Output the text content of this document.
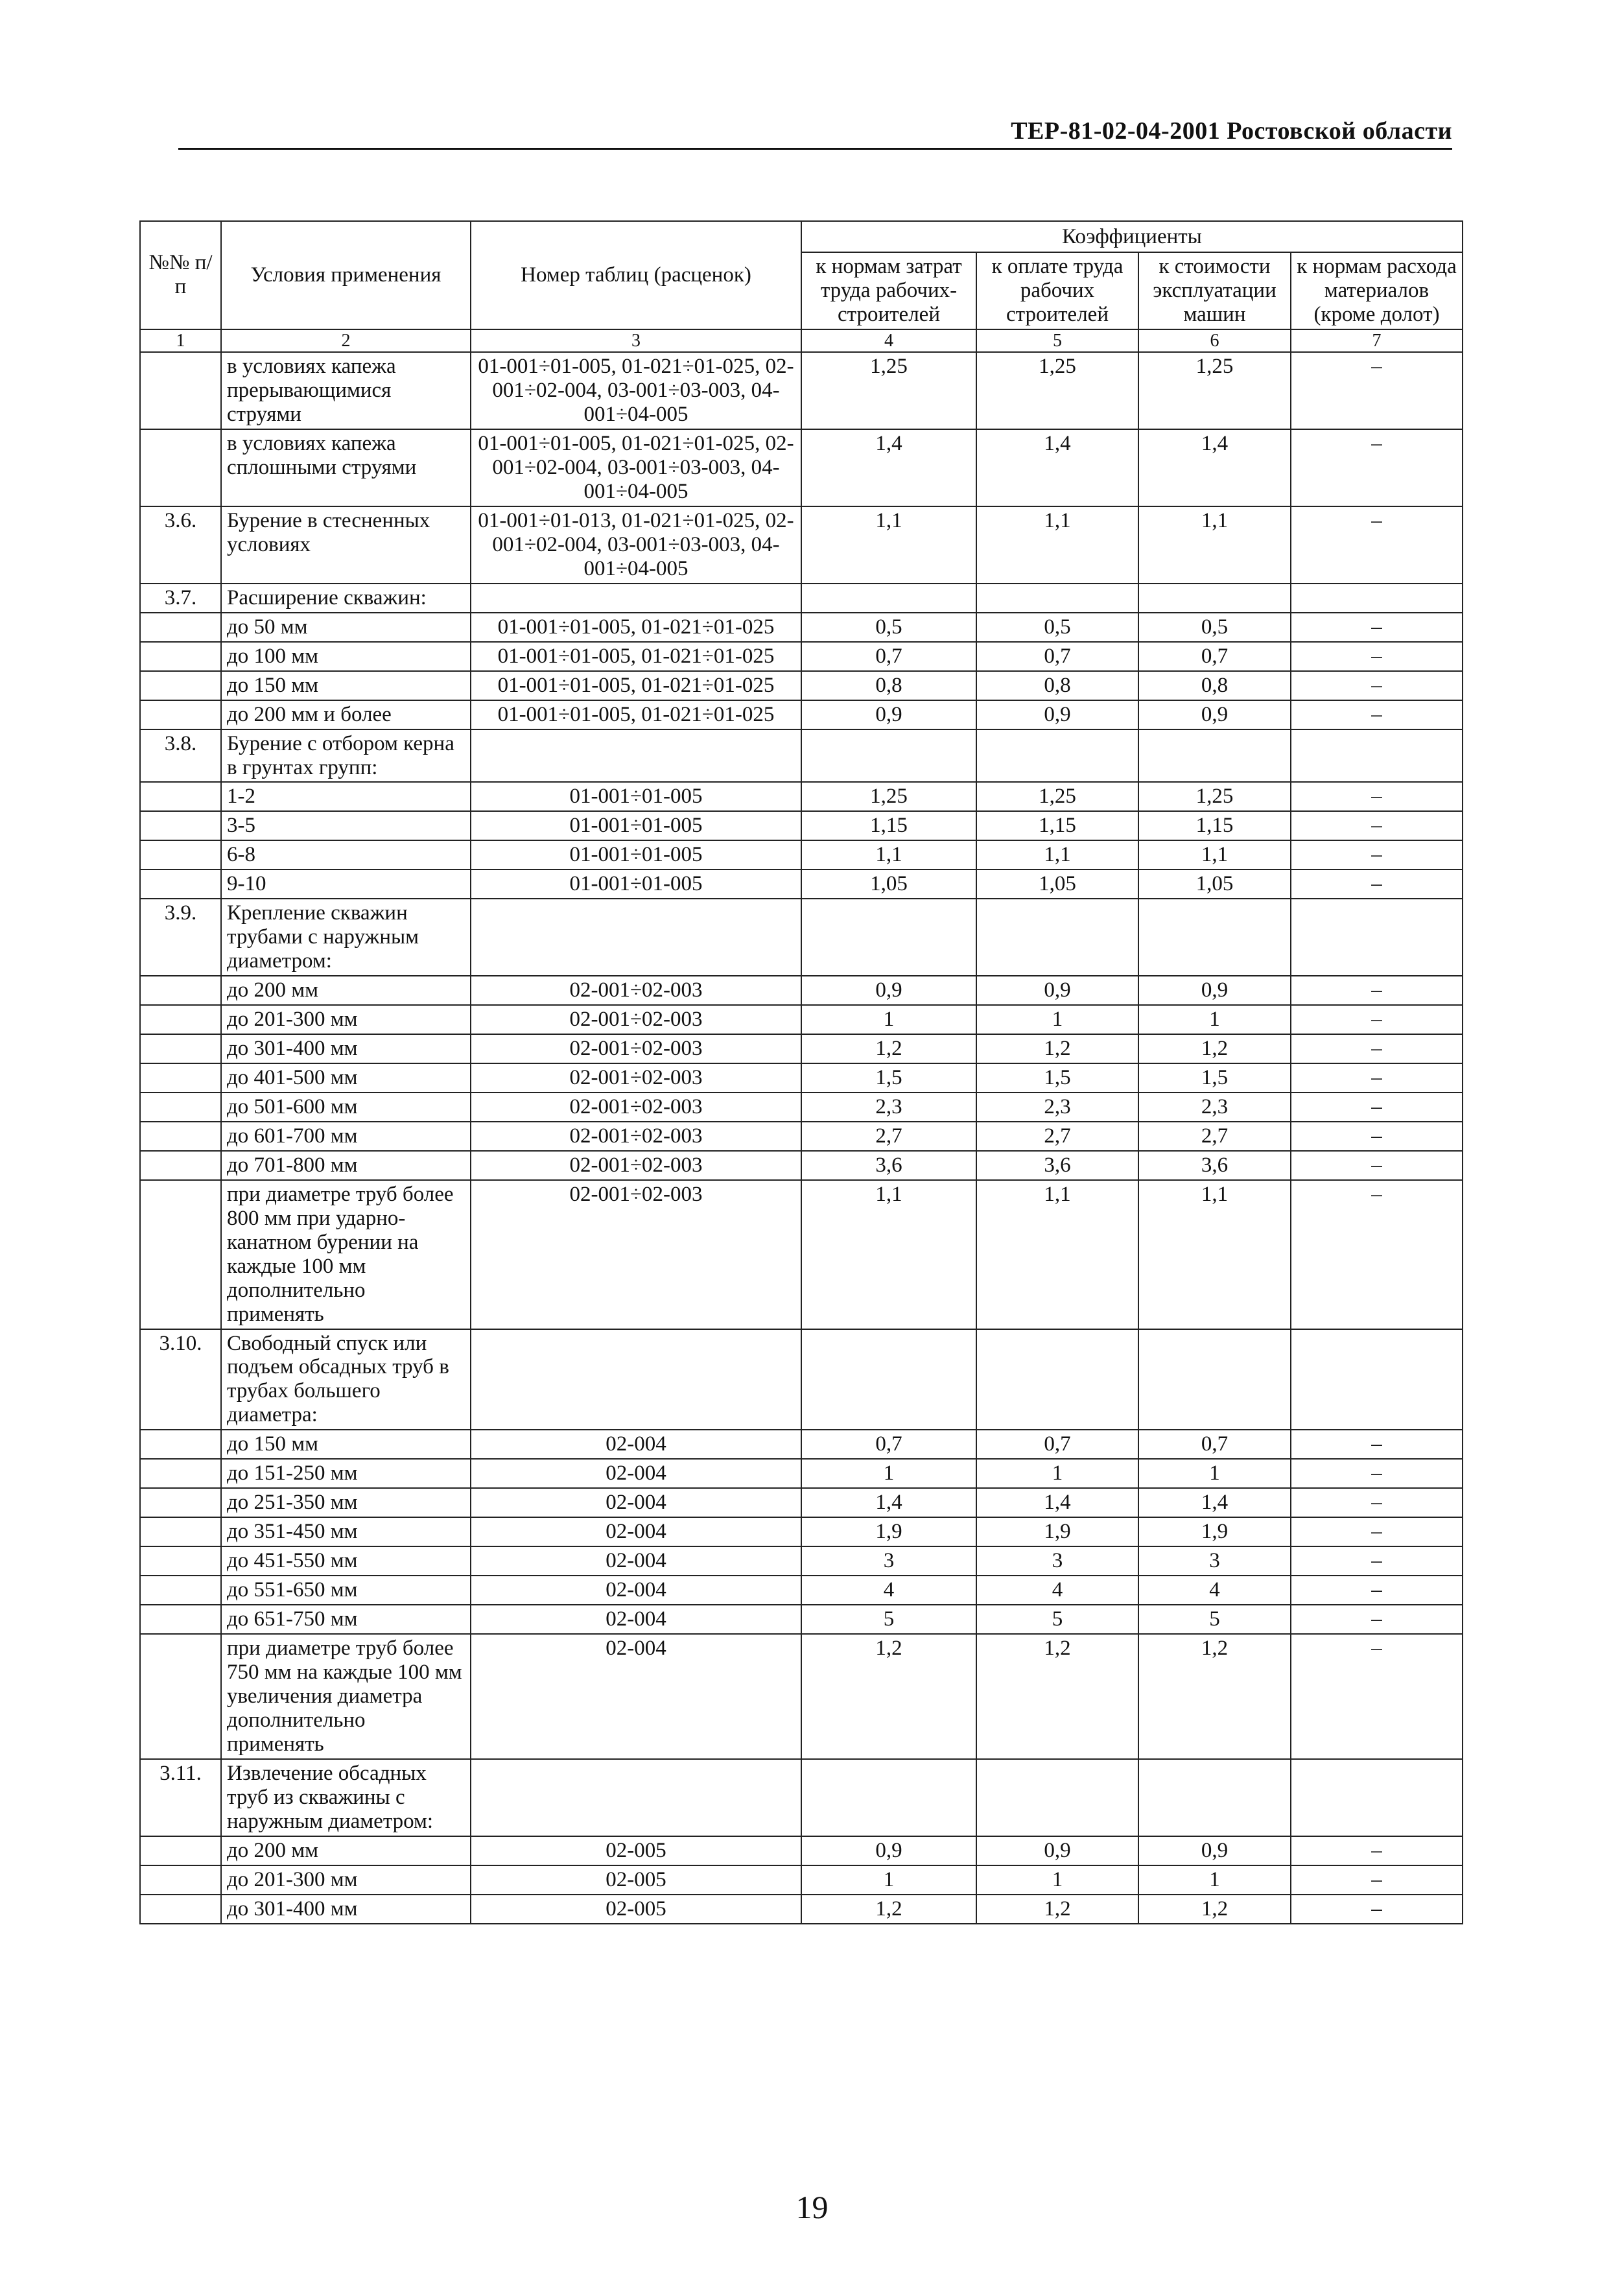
ТЕР-81-02-04-2001 Ростовской области
№№ п/п	Условия применения	Номер таблиц (расценок)	Коэффициенты			
			к нормам затрат труда рабочих-строителей	к оплате труда рабочих строителей	к стоимости эксплуатации машин	к нормам расхода материалов (кроме долот)
1	2	3	4	5	6	7
	в условиях капежа прерывающимися струями	01-001÷01-005, 01-021÷01-025, 02-001÷02-004, 03-001÷03-003, 04-001÷04-005	1,25	1,25	1,25	–
	в условиях капежа сплошными струями	01-001÷01-005, 01-021÷01-025, 02-001÷02-004, 03-001÷03-003, 04-001÷04-005	1,4	1,4	1,4	–
3.6.	Бурение в стесненных условиях	01-001÷01-013, 01-021÷01-025, 02-001÷02-004, 03-001÷03-003, 04-001÷04-005	1,1	1,1	1,1	–
3.7.	Расширение скважин:					
	до 50 мм	01-001÷01-005, 01-021÷01-025	0,5	0,5	0,5	–
	до 100 мм	01-001÷01-005, 01-021÷01-025	0,7	0,7	0,7	–
	до 150 мм	01-001÷01-005, 01-021÷01-025	0,8	0,8	0,8	–
	до 200 мм и более	01-001÷01-005, 01-021÷01-025	0,9	0,9	0,9	–
3.8.	Бурение с отбором керна в грунтах групп:					
	1-2	01-001÷01-005	1,25	1,25	1,25	–
	3-5	01-001÷01-005	1,15	1,15	1,15	–
	6-8	01-001÷01-005	1,1	1,1	1,1	–
	9-10	01-001÷01-005	1,05	1,05	1,05	–
3.9.	Крепление скважин трубами с наружным диаметром:					
	до 200 мм	02-001÷02-003	0,9	0,9	0,9	–
	до 201-300 мм	02-001÷02-003	1	1	1	–
	до 301-400 мм	02-001÷02-003	1,2	1,2	1,2	–
	до 401-500 мм	02-001÷02-003	1,5	1,5	1,5	–
	до 501-600 мм	02-001÷02-003	2,3	2,3	2,3	–
	до 601-700 мм	02-001÷02-003	2,7	2,7	2,7	–
	до 701-800 мм	02-001÷02-003	3,6	3,6	3,6	–
	при диаметре труб более 800 мм при ударно-канатном бурении на каждые 100 мм дополнительно применять	02-001÷02-003	1,1	1,1	1,1	–
3.10.	Свободный спуск или подъем обсадных труб в трубах большего диаметра:					
	до 150 мм	02-004	0,7	0,7	0,7	–
	до 151-250 мм	02-004	1	1	1	–
	до 251-350 мм	02-004	1,4	1,4	1,4	–
	до 351-450 мм	02-004	1,9	1,9	1,9	–
	до 451-550 мм	02-004	3	3	3	–
	до 551-650 мм	02-004	4	4	4	–
	до 651-750 мм	02-004	5	5	5	–
	при диаметре труб более 750 мм на каждые 100 мм увеличения диаметра дополнительно применять	02-004	1,2	1,2	1,2	–
3.11.	Извлечение обсадных труб из скважины с наружным диаметром:					
	до 200 мм	02-005	0,9	0,9	0,9	–
	до 201-300 мм	02-005	1	1	1	–
	до 301-400 мм	02-005	1,2	1,2	1,2	–
19
